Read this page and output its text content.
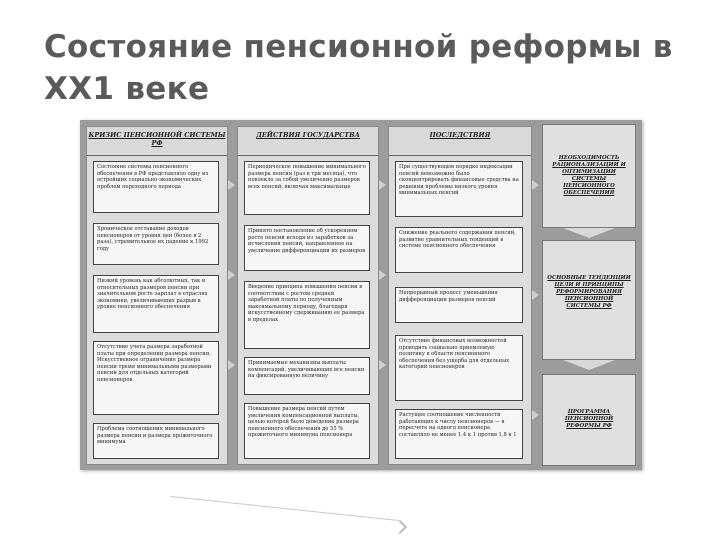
Состояние пенсионной реформы в XX1 веке
КРИЗИС ПЕНСИОННОЙ СИСТЕМЫ РФ
Состояние системы пенсионного обеспечения в РФ представляло одну из острейших социально-экономических проблем переходного периода
Хроническое отставание доходов пенсионеров от уровня цен (более в 2 раза), стремительное их падение к 1992 году
Низкий уровень как абсолютных, так и относительных размеров пенсии при значительном росте зарплат в отраслях экономики, увеличивающих разрыв в уровне пенсионного обеспечения
Отсутствие учета размера заработной платы при определении размера пенсии. Искусственное ограничение размера пенсии тремя минимальными размерами пенсии для отдельных категорий пенсионеров
Проблема соотношения минимального размера пенсии и размера прожиточного минимума
ДЕЙСТВИЯ ГОСУДАРСТВА
Периодическое повышение минимального размера пенсии (раз в три месяца), что повлекло за собой увеличение размеров всех пенсий, включая максимальные
Принято постановление об ускоренном росте пенсий исходя из заработков за исчисления пенсий, направленное на увеличение дифференциации их размеров
Введение принципа повышения пенсии в соответствии с ростом средней заработной платы по полученным максимальному периоду, благодаря искусственному сдерживанию ее размера в пределах
Принимаемые механизмы выплаты компенсаций, увеличивающих все пенсии на фиксированную величину
Повышение размера пенсий путем увеличения компенсационной выплаты, целью которой было доведение размера пенсионного обеспечения до 55 % прожиточного минимума пенсионера
ПОСЛЕДСТВИЯ
При существующем порядке индексации пенсий невозможно было сконцентрировать финансовые средства на решении проблемы низкого уровня минимальных пенсий
Снижение реального содержания пенсий, развитие уравнительных тенденций в системе пенсионного обеспечения
Непрерывный процесс уменьшения дифференциации размеров пенсий
Отсутствие финансовых возможностей проводить социально приемлемую политику в области пенсионного обеспечения без ущерба для отдельных категорий пенсионеров
Растущее соотношение численности работающих к числу пенсионеров — в пересчете на одного пенсионера составляло не менее 1,4 к 1 против 1,8 к 1
НЕОБХОДИМОСТЬ РАЦИОНАЛИЗАЦИИ И ОПТИМИЗАЦИИ СИСТЕМЫ ПЕНСИОННОГО ОБЕСПЕЧЕНИЯ
ОСНОВНЫЕ ТЕНДЕНЦИИ ЦЕЛИ И ПРИНЦИПЫ РЕФОРМИРОВАНИЯ ПЕНСИОННОЙ СИСТЕМЫ РФ
ПРОГРАММА ПЕНСИОННОЙ РЕФОРМЫ РФ
